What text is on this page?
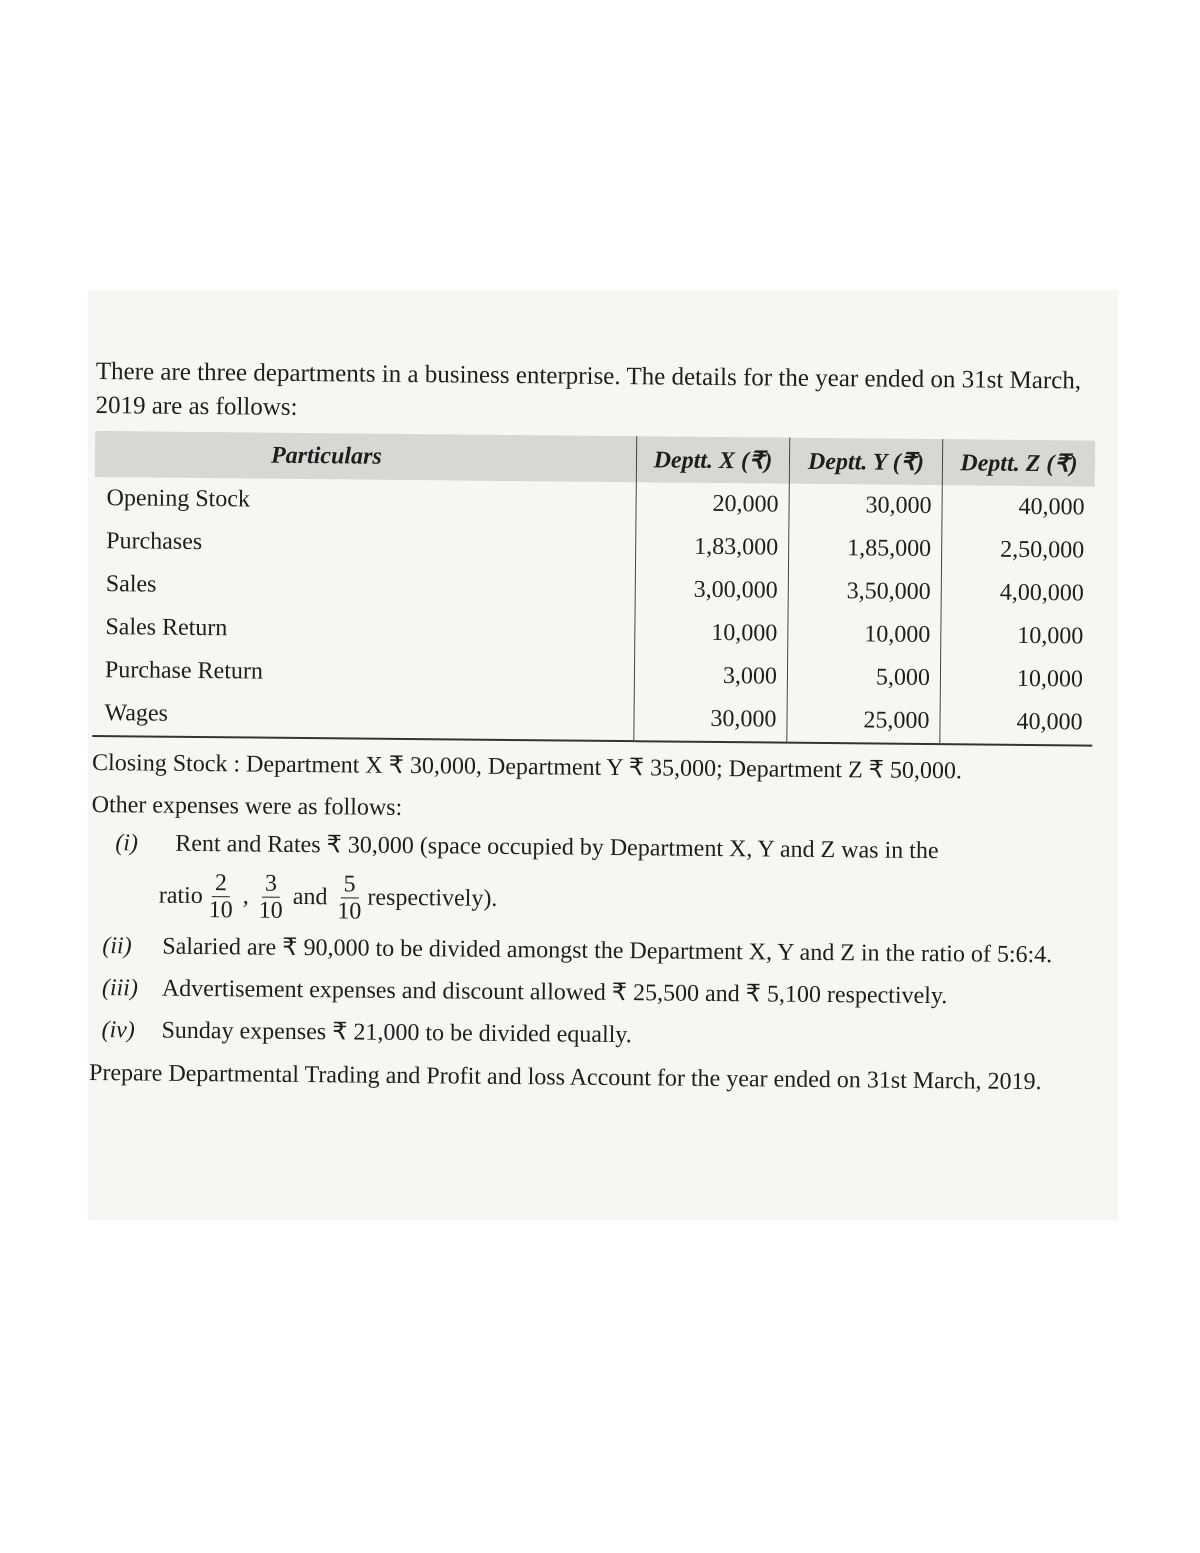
There are three departments in a business enterprise. The details for the year ended on 31st March, 2019 are as follows:

Particulars	Deptt. X (₹)	Deptt. Y (₹)	Deptt. Z (₹)
Opening Stock	20,000	30,000	40,000
Purchases	1,83,000	1,85,000	2,50,000
Sales	3,00,000	3,50,000	4,00,000
Sales Return	10,000	10,000	10,000
Purchase Return	3,000	5,000	10,000
Wages	30,000	25,000	40,000

Closing Stock : Department X ₹ 30,000, Department Y ₹ 35,000; Department Z ₹ 50,000.

Other expenses were as follows:

(i)	Rent and Rates ₹ 30,000 (space occupied by Department X, Y and Z was in the
ratio $\frac{2}{10}$ , $\frac{3}{10}$ and $\frac{5}{10}$ respectively).
(ii)	Salaried are ₹ 90,000 to be divided amongst the Department X, Y and Z in the ratio of 5:6:4.
(iii) Advertisement expenses and discount allowed ₹ 25,500 and ₹ 5,100 respectively.
(iv)	Sunday expenses ₹ 21,000 to be divided equally.

Prepare Departmental Trading and Profit and loss Account for the year ended on 31st March, 2019.
